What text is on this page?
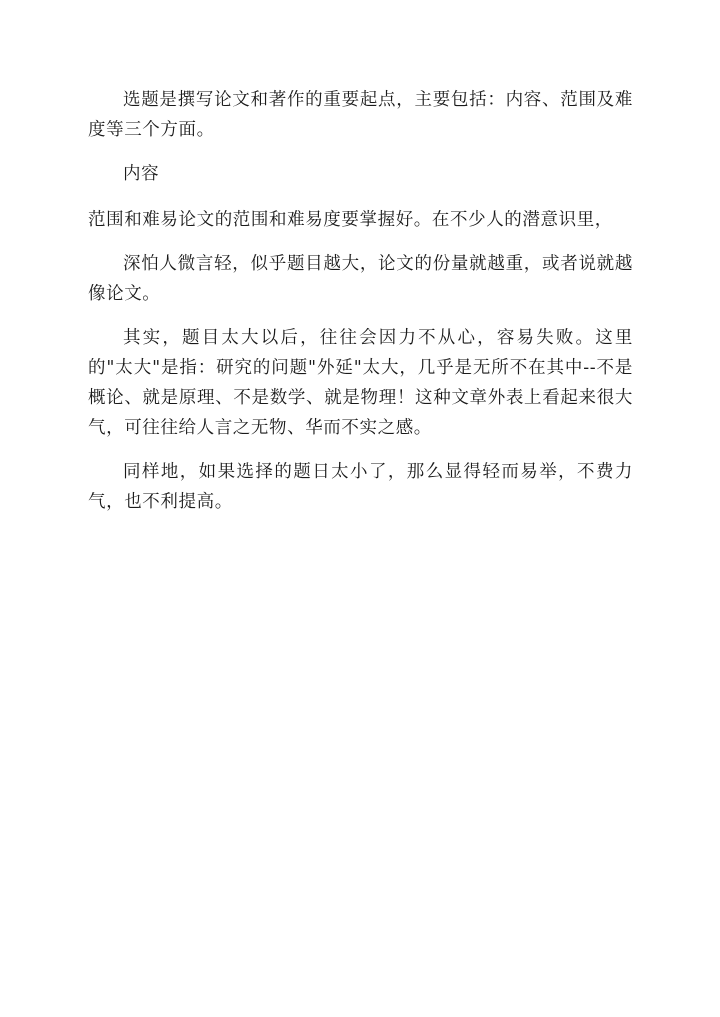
选题是撰写论文和著作的重要起点，主要包括：内容、范围及难度等三个方面。

内容

范围和难易论文的范围和难易度要掌握好。在不少人的潜意识里，

深怕人微言轻，似乎题目越大，论文的份量就越重，或者说就越像论文。

其实，题目太大以后，往往会因力不从心，容易失败。这里的"太大"是指：研究的问题"外延"太大，几乎是无所不在其中--不是概论、就是原理、不是数学、就是物理！这种文章外表上看起来很大气，可往往给人言之无物、华而不实之感。

同样地，如果选择的题日太小了，那么显得轻而易举，不费力气，也不利提高。
